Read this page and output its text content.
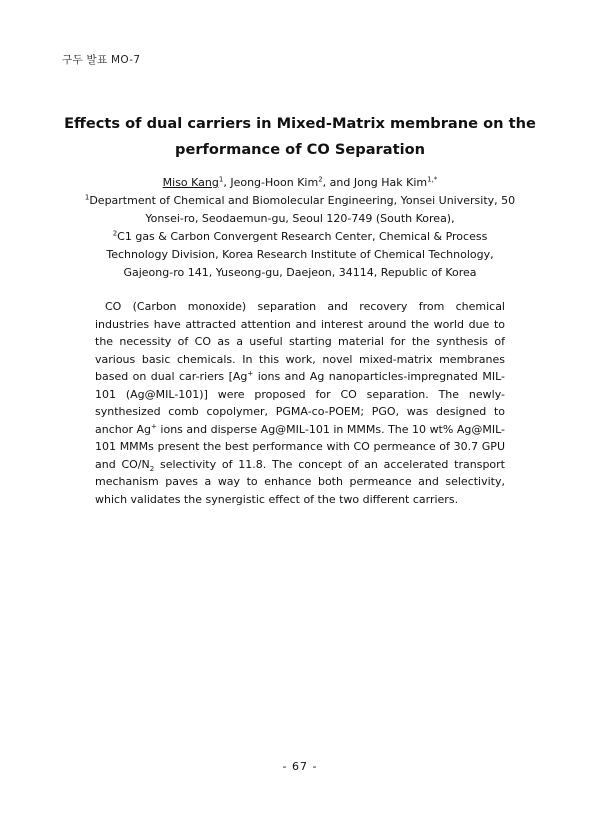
구두 발표 MO-7
Effects of dual carriers in Mixed-Matrix membrane on the
performance of CO Separation
Miso Kang$^1$, Jeong-Hoon Kim$^2$, and Jong Hak Kim$^{1,*}$

$^1$Department of Chemical and Biomolecular Engineering, Yonsei University, 50

Yonsei-ro, Seodaemun-gu, Seoul 120-749 (South Korea),

$^2$C1 gas & Carbon Convergent Research Center, Chemical & Process

Technology Division, Korea Research Institute of Chemical Technology,

Gajeong-ro 141, Yuseong-gu, Daejeon, 34114, Republic of Korea

CO (Carbon monoxide) separation and recovery from chemical industries have attracted attention and interest around the world due to the necessity of CO as a useful starting material for the synthesis of various basic chemicals. In this work, novel mixed-matrix membranes based on dual car-riers [Ag+ ions and Ag nanoparticles-impregnated MIL-101 (Ag@MIL-101)] were proposed for CO separation. The newly-synthesized comb copolymer, PGMA-co-POEM; PGO, was designed to anchor Ag+ ions and disperse Ag@MIL-101 in MMMs. The 10 wt% Ag@MIL-101 MMMs present the best performance with CO permeance of 30.7 GPU and $CO/N_2$ selectivity of 11.8. The concept of an accelerated transport mechanism paves a way to enhance both permeance and selectivity, which validates the synergistic effect of the two different carriers.

- 67 -
